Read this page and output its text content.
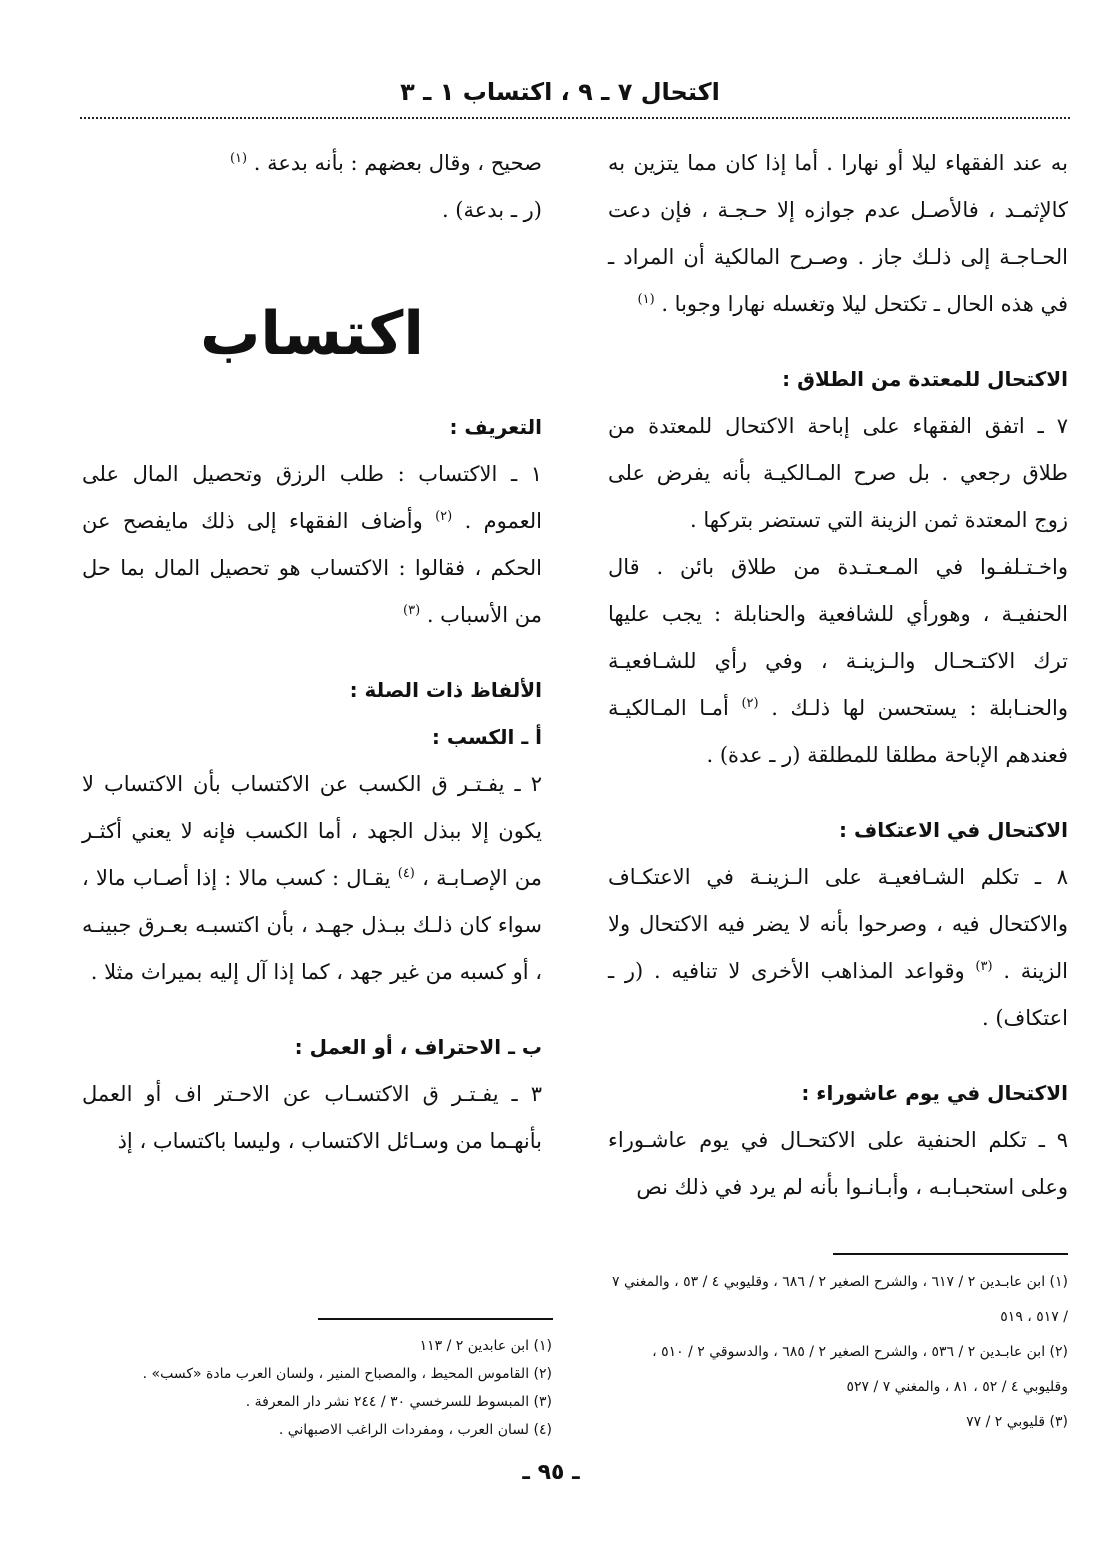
اكتحال ٧ ـ ٩ ، اكتساب ١ ـ ٣

به عند الفقهاء ليلا أو نهارا . أما إذا كان مما يتزين به كالإثمـد ، فالأصـل عدم جوازه إلا حـجـة ، فإن دعت الحـاجـة إلى ذلـك جاز . وصـرح المالكية أن المراد ـ في هذه الحال ـ تكتحل ليلا وتغسله نهارا وجوبا . $^{(١)}$

الاكتحال للمعتدة من الطلاق :

٧ ـ اتفق الفقهاء على إباحة الاكتحال للمعتدة من طلاق رجعي . بل صرح المـالكيـة بأنه يفرض على زوج المعتدة ثمن الزينة التي تستضر بتركها .

واخـتـلفـوا في المـعـتـدة من طلاق بائن . قال الحنفيـة ، وهورأي للشافعية والحنابلة : يجب عليها ترك الاكتـحـال والـزينـة ، وفي رأي للشـافعيـة والحنـابلة : يستحسن لها ذلـك . $^{(٢)}$ أمـا المـالكيـة فعندهم الإباحة مطلقا للمطلقة (ر ـ عدة) .

الاكتحال في الاعتكاف :

٨ ـ تكلم الشـافعيـة على الـزينـة في الاعتكـاف والاكتحال فيه ، وصرحوا بأنه لا يضر فيه الاكتحال ولا الزينة . $^{(٣)}$ وقواعد المذاهب الأخرى لا تنافيه . (ر ـ اعتكاف) .

الاكتحال في يوم عاشوراء :

٩ ـ تكلم الحنفية على الاكتحـال في يوم عاشـوراء وعلى استحبـابـه ، وأبـانـوا بأنه لم يرد في ذلك نص

صحيح ، وقال بعضهم : بأنه بدعة . $^{(١)}$
(ر ـ بدعة) .

اكتساب

التعريف :

١ ـ الاكتساب : طلب الرزق وتحصيل المال على العموم . $^{(٢)}$ وأضاف الفقهاء إلى ذلك مايفصح عن الحكم ، فقالوا : الاكتساب هو تحصيل المال بما حل من الأسباب . $^{(٣)}$

الألفاظ ذات الصلة :

أ ـ الكسب :

٢ ـ يفـتـر ق الكسب عن الاكتساب بأن الاكتساب لا يكون إلا ببذل الجهد ، أما الكسب فإنه لا يعني أكثـر من الإصـابـة ، $^{(٤)}$ يقـال : كسب مالا : إذا أصـاب مالا ، سواء كان ذلـك ببـذل جهـد ، بأن اكتسبـه بعـرق جبينـه ، أو كسبه من غير جهد ، كما إذا آل إليه بميراث مثلا .

ب ـ الاحتراف ، أو العمل :

٣ ـ يفـتـر ق الاكتسـاب عن الاحـتر اف أو العمل بأنهـما من وسـائل الاكتساب ، وليسا باكتساب ، إذ

(١) ابن عابـدين ٢ / ٦١٧ ، والشرح الصغير ٢ / ٦٨٦ ، وقليوبي ٤ / ٥٣ ، والمغني ٧ / ٥١٧ ، ٥١٩

(٢) ابن عابـدين ٢ / ٥٣٦ ، والشرح الصغير ٢ / ٦٨٥ ، والدسوقي ٢ / ٥١٠ ، وقليوبي ٤ / ٥٢ ، ٨١ ، والمغني ٧ / ٥٢٧

(٣) قليوبي ٢ / ٧٧

(١) ابن عابدين ٢ / ١١٣

(٢) القاموس المحيط ، والمصباح المنير ، ولسان العرب مادة «كسب» .

(٣) المبسوط للسرخسي ٣٠ / ٢٤٤ نشر دار المعرفة .

(٤) لسان العرب ، ومفردات الراغب الاصبهاني .

ـ ٩٥ ـ
